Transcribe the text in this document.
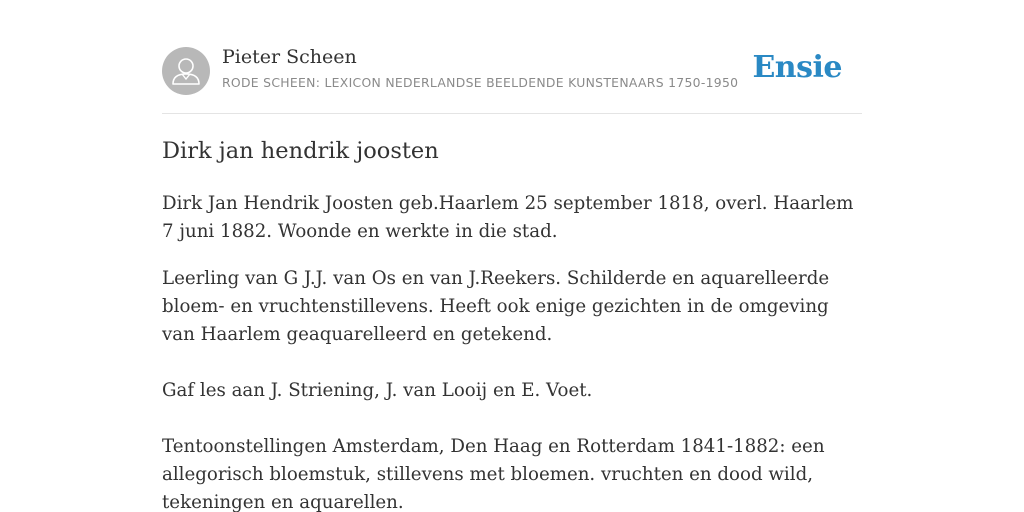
Pieter Scheen
RODE SCHEEN: LEXICON NEDERLANDSE BEELDENDE KUNSTENAARS 1750-1950 Ensie
Dirk jan hendrik joosten

Dirk Jan Hendrik Joosten geb.Haarlem 25 september 1818, overl. Haarlem 7 juni 1882. Woonde en werkte in die stad.

Leerling van G J.J. van Os en van J.Reekers. Schilderde en aquarelleerde bloem- en vruchtenstillevens. Heeft ook enige gezichten in de omgeving van Haarlem geaquarelleerd en getekend.

Gaf les aan J. Striening, J. van Looij en E. Voet.

Tentoonstellingen Amsterdam, Den Haag en Rotterdam 1841-1882: een allegorisch bloemstuk, stillevens met bloemen. vruchten en dood wild, tekeningen en aquarellen.
